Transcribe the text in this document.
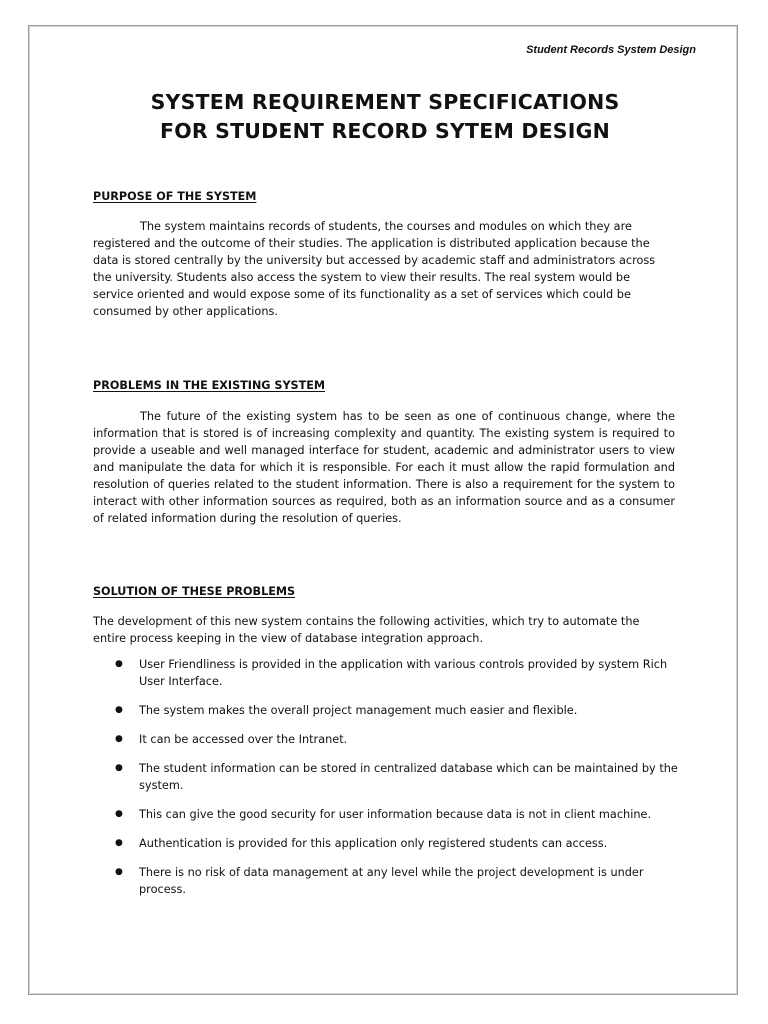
Student Records System Design
SYSTEM REQUIREMENT SPECIFICATIONS
FOR STUDENT RECORD SYTEM DESIGN
PURPOSE OF THE SYSTEM

The system maintains records of students, the courses and modules on which they are registered and the outcome of their studies. The application is distributed application because the data is stored centrally by the university but accessed by academic staff and administrators across the university. Students also access the system to view their results. The real system would be service oriented and would expose some of its functionality as a set of services which could be consumed by other applications.

PROBLEMS IN THE EXISTING SYSTEM

The future of the existing system has to be seen as one of continuous change, where the information that is stored is of increasing complexity and quantity. The existing system is required to provide a useable and well managed interface for student, academic and administrator users to view and manipulate the data for which it is responsible. For each it must allow the rapid formulation and resolution of queries related to the student information. There is also a requirement for the system to interact with other information sources as required, both as an information source and as a consumer of related information during the resolution of queries.

SOLUTION OF THESE PROBLEMS

The development of this new system contains the following activities, which try to automate the entire process keeping in the view of database integration approach.

● User Friendliness is provided in the application with various controls provided by system Rich User Interface.
● The system makes the overall project management much easier and flexible.
● It can be accessed over the Intranet.
● The student information can be stored in centralized database which can be maintained by the system.
● This can give the good security for user information because data is not in client machine.
● Authentication is provided for this application only registered students can access.
● There is no risk of data management at any level while the project development is under process.
